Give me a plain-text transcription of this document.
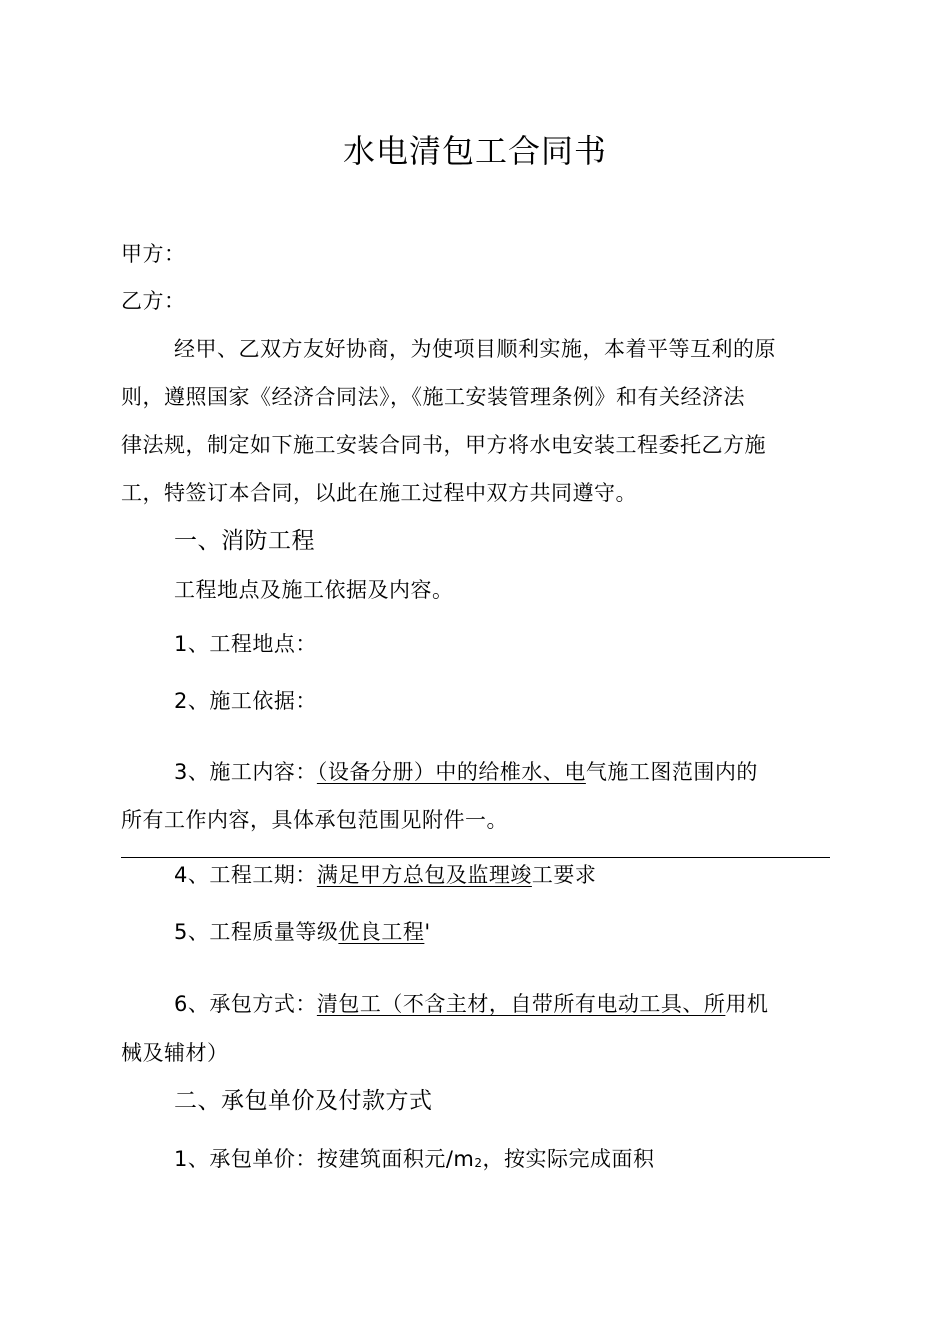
水电清包工合同书
甲方：
乙方：
经甲、乙双方友好协商，为使项目顺利实施，本着平等互利的原
则，遵照国家《经济合同法》，《施工安装管理条例》和有关经济法
律法规，制定如下施工安装合同书，甲方将水电安装工程委托乙方施
工，特签订本合同，以此在施工过程中双方共同遵守。
一、消防工程
工程地点及施工依据及内容。
1、工程地点：
2、施工依据：
3、施工内容：（设备分册）中的给椎水、电气施工图范围内的
所有工作内容，具体承包范围见附件一。
4、工程工期：满足甲方总包及监理竣工要求
5、工程质量等级优良工程'
6、承包方式：清包工（不含主材，自带所有电动工具、所用机
械及辅材）
二、承包单价及付款方式
1、承包单价：按建筑面积元$/m_2$，按实际完成面积
